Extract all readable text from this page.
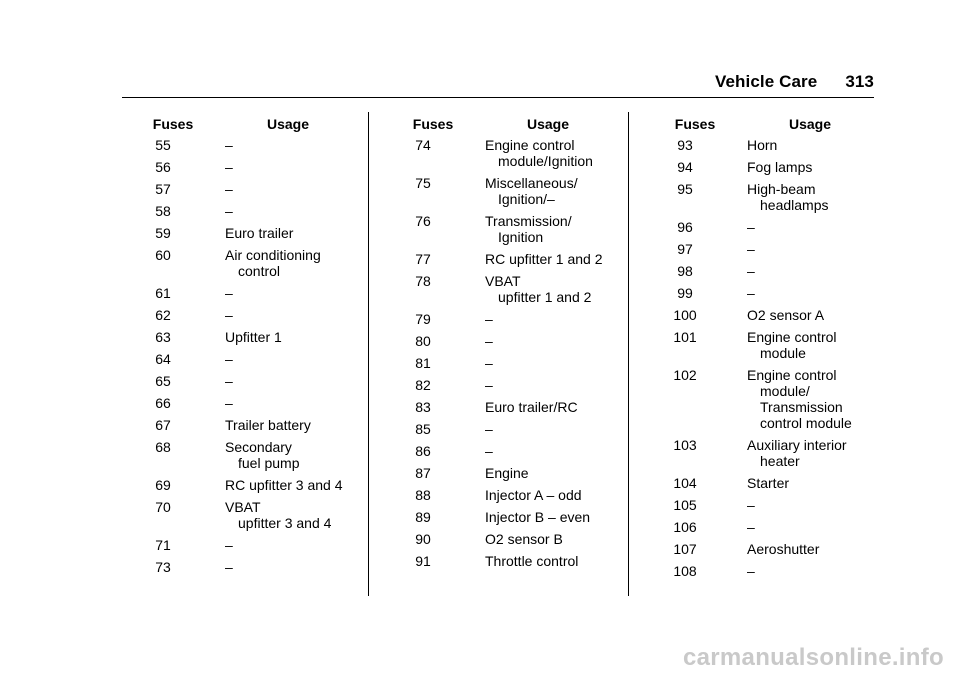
Vehicle Care 313
Fuses	Usage
55	–
56	–
57	–
58	–
59	Euro trailer
60	Air conditioning
control
61	–
62	–
63	Upfitter 1
64	–
65	–
66	–
67	Trailer battery
68	Secondary
fuel pump
69	RC upfitter 3 and 4
70	VBAT
upfitter 3 and 4
71	–
73	–
Fuses	Usage
74	Engine control
module/Ignition
75	Miscellaneous/
Ignition/–
76	Transmission/
Ignition
77	RC upfitter 1 and 2
78	VBAT
upfitter 1 and 2
79	–
80	–
81	–
82	–
83	Euro trailer/RC
85	–
86	–
87	Engine
88	Injector A – odd
89	Injector B – even
90	O2 sensor B
91	Throttle control
Fuses	Usage
93	Horn
94	Fog lamps
95	High-beam
headlamps
96	–
97	–
98	–
99	–
100	O2 sensor A
101	Engine control
module
102	Engine control
module/
Transmission
control module
103	Auxiliary interior
heater
104	Starter
105	–
106	–
107	Aeroshutter
108	–
carmanualsonline.info
